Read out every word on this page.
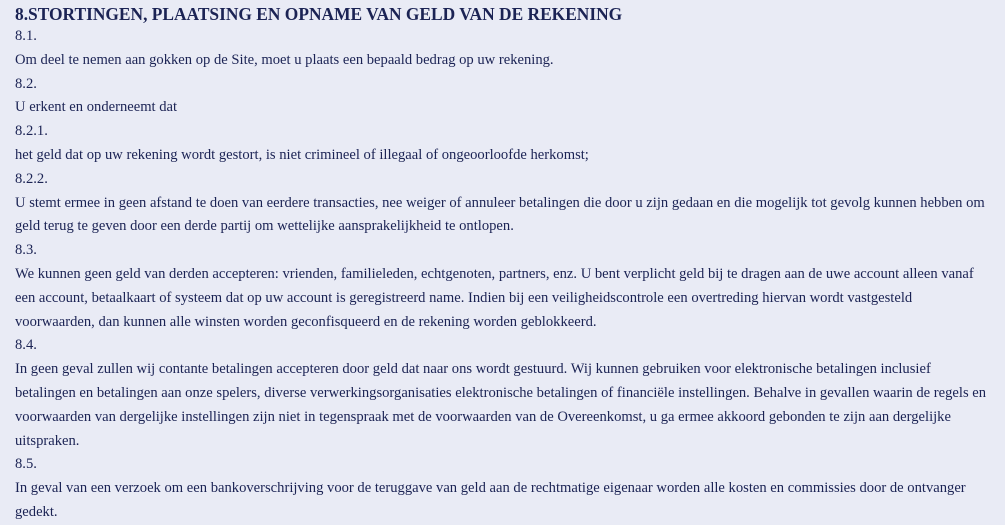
8.STORTINGEN, PLAATSING EN OPNAME VAN GELD VAN DE REKENING

8.1.

Om deel te nemen aan gokken op de Site, moet u plaats een bepaald bedrag op uw rekening.

8.2.

U erkent en onderneemt dat

8.2.1.

het geld dat op uw rekening wordt gestort, is niet crimineel of illegaal of ongeoorloofde herkomst;

8.2.2.

U stemt ermee in geen afstand te doen van eerdere transacties, nee weiger of annuleer betalingen die door u zijn gedaan en die mogelijk tot gevolg kunnen hebben om geld terug te geven door een derde partij om wettelijke aansprakelijkheid te ontlopen.

8.3.

We kunnen geen geld van derden accepteren: vrienden, familieleden, echtgenoten, partners, enz. U bent verplicht geld bij te dragen aan de uwe account alleen vanaf een account, betaalkaart of systeem dat op uw account is geregistreerd name. Indien bij een veiligheidscontrole een overtreding hiervan wordt vastgesteld voorwaarden, dan kunnen alle winsten worden geconfisqueerd en de rekening worden geblokkeerd.

8.4.

In geen geval zullen wij contante betalingen accepteren door geld dat naar ons wordt gestuurd. Wij kunnen gebruiken voor elektronische betalingen inclusief betalingen en betalingen aan onze spelers, diverse verwerkingsorganisaties elektronische betalingen of financiële instellingen. Behalve in gevallen waarin de regels en voorwaarden van dergelijke instellingen zijn niet in tegenspraak met de voorwaarden van de Overeenkomst, u ga ermee akkoord gebonden te zijn aan dergelijke uitspraken.

8.5.

In geval van een verzoek om een bankoverschrijving voor de teruggave van geld aan de rechtmatige eigenaar worden alle kosten en commissies door de ontvanger gedekt.
